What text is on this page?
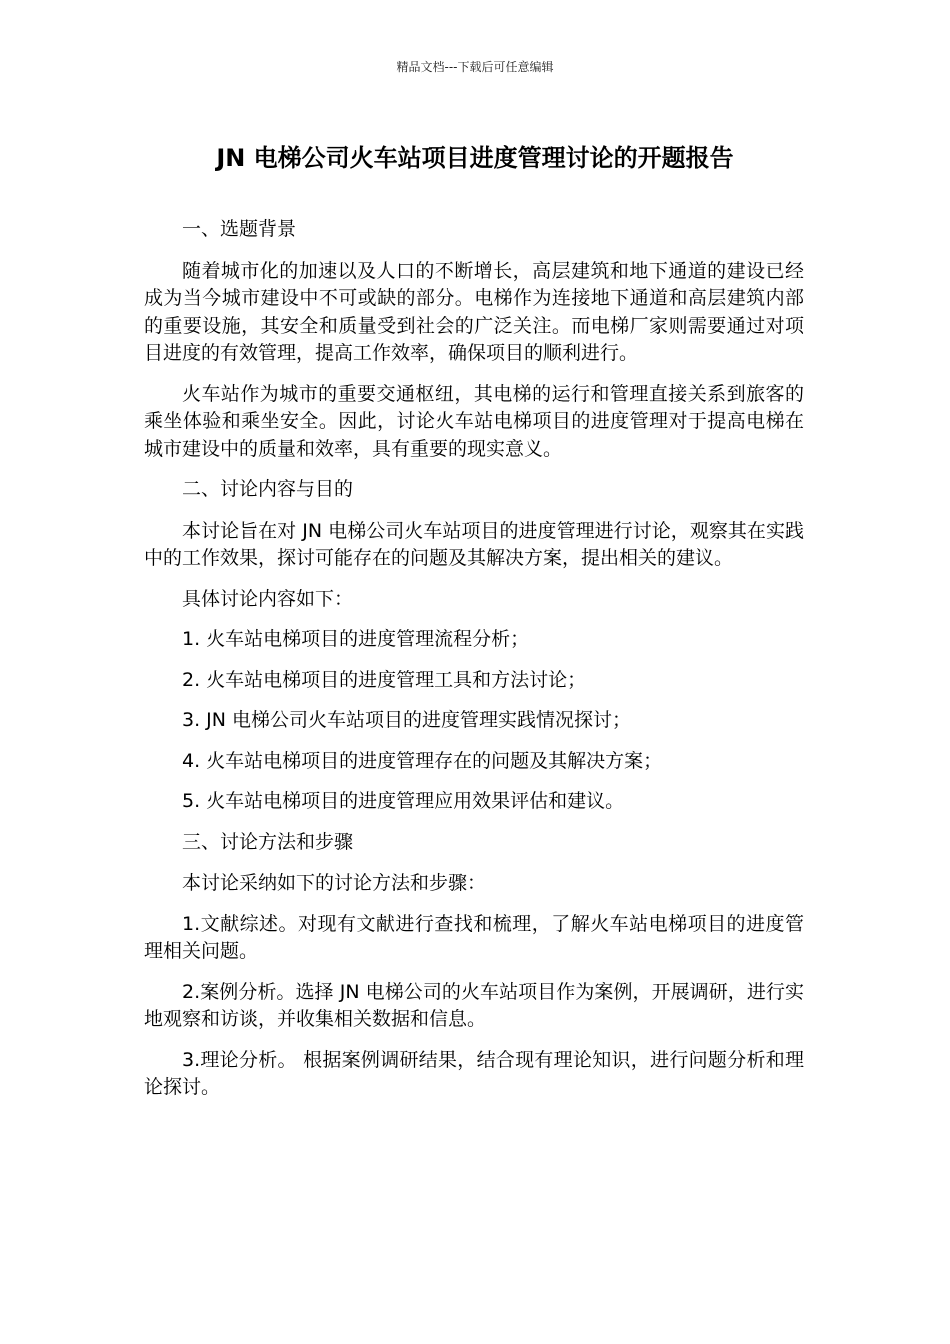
精品文档---下载后可任意编辑
JN 电梯公司火车站项目进度管理讨论的开题报告

一、选题背景

随着城市化的加速以及人口的不断增长，高层建筑和地下通道的建设已经成为当今城市建设中不可或缺的部分。电梯作为连接地下通道和高层建筑内部的重要设施，其安全和质量受到社会的广泛关注。而电梯厂家则需要通过对项目进度的有效管理，提高工作效率，确保项目的顺利进行。

火车站作为城市的重要交通枢纽，其电梯的运行和管理直接关系到旅客的乘坐体验和乘坐安全。因此，讨论火车站电梯项目的进度管理对于提高电梯在城市建设中的质量和效率，具有重要的现实意义。

二、讨论内容与目的

本讨论旨在对 JN 电梯公司火车站项目的进度管理进行讨论，观察其在实践中的工作效果，探讨可能存在的问题及其解决方案，提出相关的建议。

具体讨论内容如下：

1. 火车站电梯项目的进度管理流程分析；

2. 火车站电梯项目的进度管理工具和方法讨论；

3. JN 电梯公司火车站项目的进度管理实践情况探讨；

4. 火车站电梯项目的进度管理存在的问题及其解决方案；

5. 火车站电梯项目的进度管理应用效果评估和建议。

三、讨论方法和步骤

本讨论采纳如下的讨论方法和步骤：

1.文献综述。对现有文献进行查找和梳理，了解火车站电梯项目的进度管理相关问题。

2.案例分析。选择 JN 电梯公司的火车站项目作为案例，开展调研，进行实地观察和访谈，并收集相关数据和信息。

3.理论分析。 根据案例调研结果，结合现有理论知识，进行问题分析和理论探讨。
